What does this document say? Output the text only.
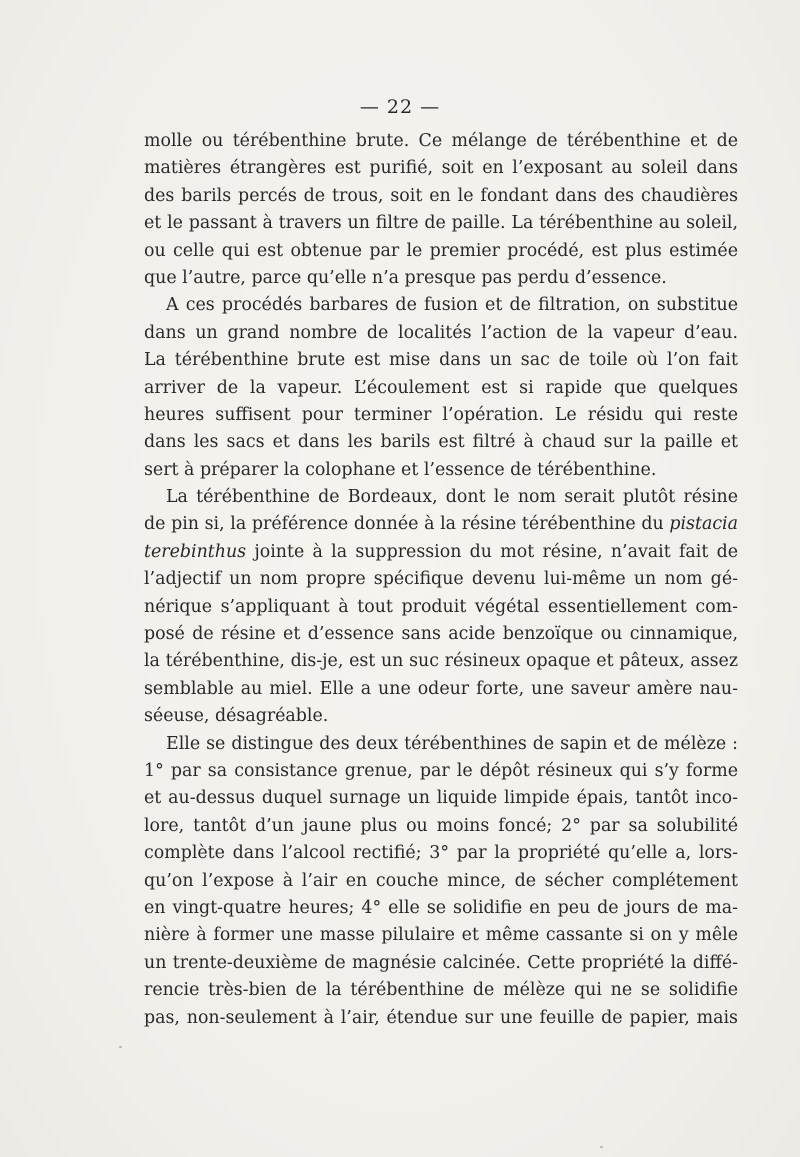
— 22 —
molle ou térébenthine brute. Ce mélange de térébenthine et de
matières étrangères est purifié, soit en l’exposant au soleil dans
des barils percés de trous, soit en le fondant dans des chaudières
et le passant à travers un filtre de paille. La térébenthine au soleil,
ou celle qui est obtenue par le premier procédé, est plus estimée
que l’autre, parce qu’elle n’a presque pas perdu d’essence.
A ces procédés barbares de fusion et de filtration, on substitue
dans un grand nombre de localités l’action de la vapeur d’eau.
La térébenthine brute est mise dans un sac de toile où l’on fait
arriver de la vapeur. L’écoulement est si rapide que quelques
heures suffisent pour terminer l’opération. Le résidu qui reste
dans les sacs et dans les barils est filtré à chaud sur la paille et
sert à préparer la colophane et l’essence de térébenthine.
La térébenthine de Bordeaux, dont le nom serait plutôt résine
de pin si, la préférence donnée à la résine térébenthine du pistacia
terebinthus jointe à la suppression du mot résine, n’avait fait de
l’adjectif un nom propre spécifique devenu lui-même un nom gé-
nérique s’appliquant à tout produit végétal essentiellement com-
posé de résine et d’essence sans acide benzoïque ou cinnamique,
la térébenthine, dis-je, est un suc résineux opaque et pâteux, assez
semblable au miel. Elle a une odeur forte, une saveur amère nau-
séeuse, désagréable.
Elle se distingue des deux térébenthines de sapin et de mélèze :
1° par sa consistance grenue, par le dépôt résineux qui s’y forme
et au-dessus duquel surnage un liquide limpide épais, tantôt inco-
lore, tantôt d’un jaune plus ou moins foncé; 2° par sa solubilité
complète dans l’alcool rectifié; 3° par la propriété qu’elle a, lors-
qu’on l’expose à l’air en couche mince, de sécher complétement
en vingt-quatre heures; 4° elle se solidifie en peu de jours de ma-
nière à former une masse pilulaire et même cassante si on y mêle
un trente-deuxième de magnésie calcinée. Cette propriété la diffé-
rencie très-bien de la térébenthine de mélèze qui ne se solidifie
pas, non-seulement à l’air, étendue sur une feuille de papier, mais
